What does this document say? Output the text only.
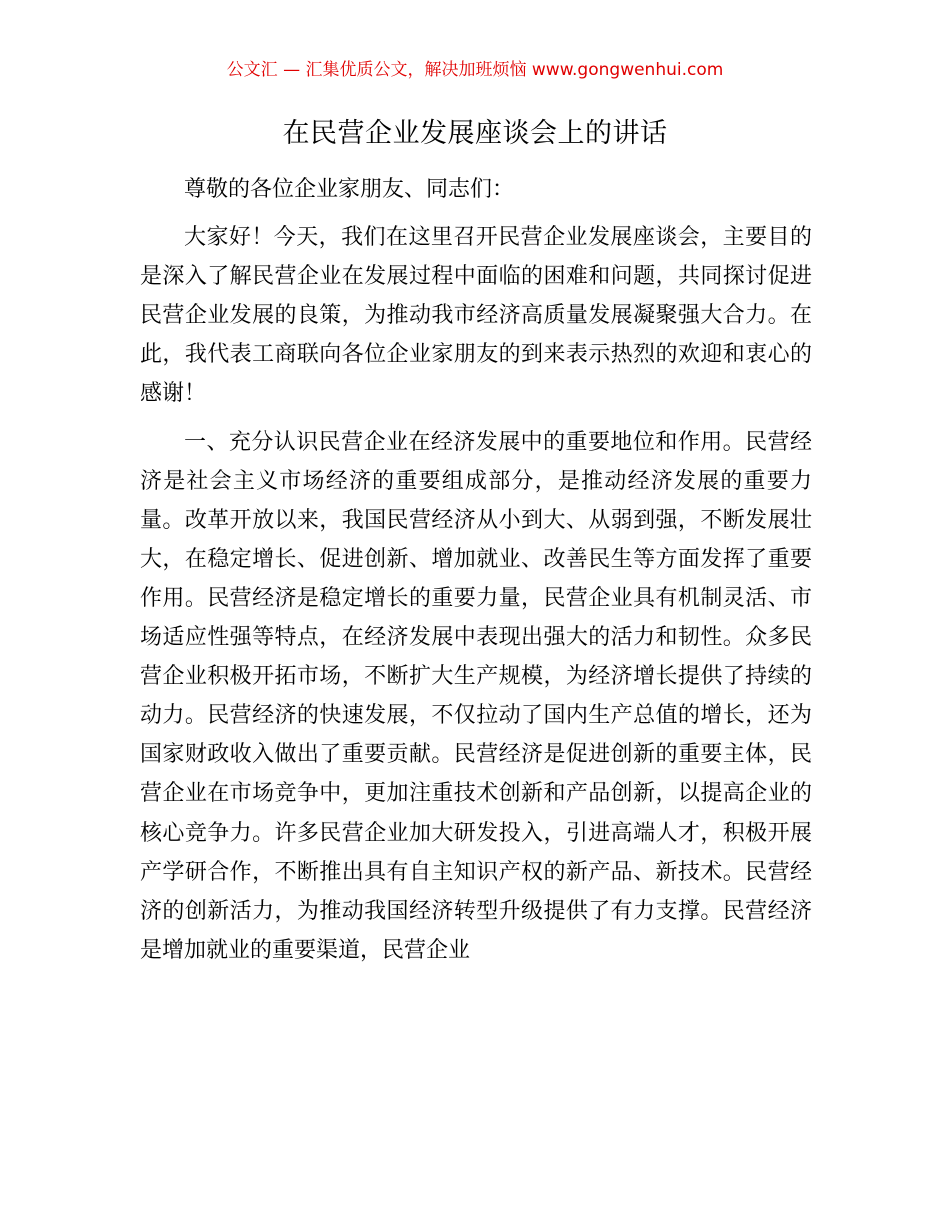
公文汇 — 汇集优质公文，解决加班烦恼 www.gongwenhui.com
在民营企业发展座谈会上的讲话

尊敬的各位企业家朋友、同志们：

大家好！今天，我们在这里召开民营企业发展座谈会，主要目的是深入了解民营企业在发展过程中面临的困难和问题，共同探讨促进民营企业发展的良策，为推动我市经济高质量发展凝聚强大合力。在此，我代表工商联向各位企业家朋友的到来表示热烈的欢迎和衷心的感谢！

一、充分认识民营企业在经济发展中的重要地位和作用。民营经济是社会主义市场经济的重要组成部分，是推动经济发展的重要力量。改革开放以来，我国民营经济从小到大、从弱到强，不断发展壮大，在稳定增长、促进创新、增加就业、改善民生等方面发挥了重要作用。民营经济是稳定增长的重要力量，民营企业具有机制灵活、市场适应性强等特点，在经济发展中表现出强大的活力和韧性。众多民营企业积极开拓市场，不断扩大生产规模，为经济增长提供了持续的动力。民营经济的快速发展，不仅拉动了国内生产总值的增长，还为国家财政收入做出了重要贡献。民营经济是促进创新的重要主体，民营企业在市场竞争中，更加注重技术创新和产品创新，以提高企业的核心竞争力。许多民营企业加大研发投入，引进高端人才，积极开展产学研合作，不断推出具有自主知识产权的新产品、新技术。民营经济的创新活力，为推动我国经济转型升级提供了有力支撑。民营经济是增加就业的重要渠道，民营企业
